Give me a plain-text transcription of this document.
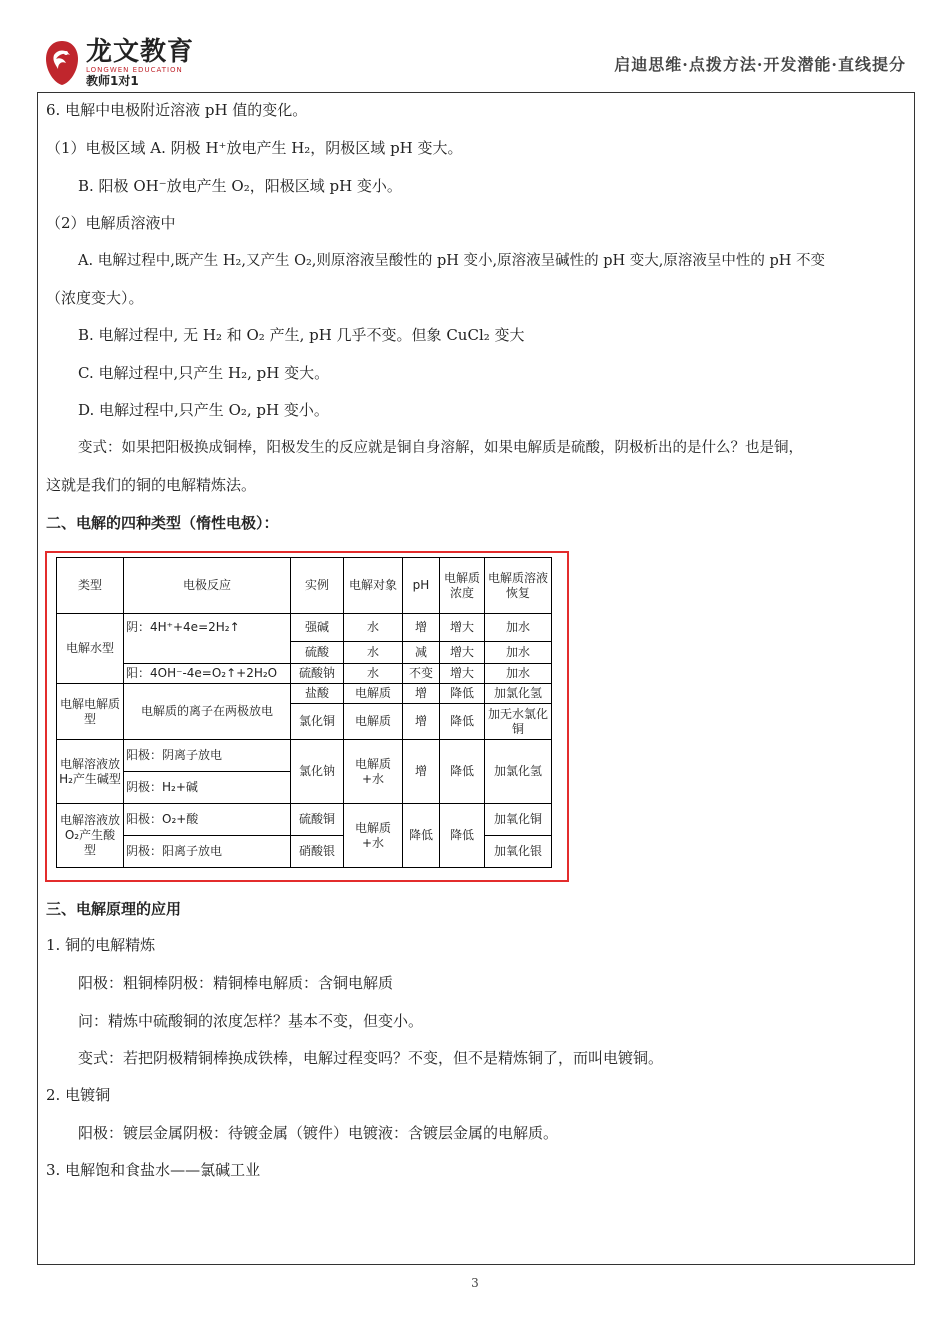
龙文教育
LONGWEN EDUCATION
教师1对1
启迪思维·点拨方法·开发潜能·直线提分
6. 电解中电极附近溶液 pH 值的变化。
（1）电极区域 A. 阴极 H⁺放电产生 H₂，阴极区域 pH 变大。
B. 阳极 OH⁻放电产生 O₂，阳极区域 pH 变小。
（2）电解质溶液中
A. 电解过程中,既产生 H₂,又产生 O₂,则原溶液呈酸性的 pH 变小,原溶液呈碱性的 pH 变大,原溶液呈中性的 pH 不变
（浓度变大）。
B. 电解过程中, 无 H₂ 和 O₂ 产生, pH 几乎不变。但象 CuCl₂ 变大
C. 电解过程中,只产生 H₂, pH 变大。
D. 电解过程中,只产生 O₂, pH 变小。
变式：如果把阳极换成铜棒，阳极发生的反应就是铜自身溶解，如果电解质是硫酸，阴极析出的是什么？也是铜，
这就是我们的铜的电解精炼法。
二、电解的四种类型（惰性电极）：
类型	电极反应	实例	电解对象	pH	电解质浓度	电解质溶液恢复
电解水型	阴：4H⁺+4e=2H₂↑	强碱	水	增	增大	加水
		硫酸	水	减	增大	加水
	阳：4OH⁻-4e=O₂↑+2H₂O	硫酸钠	水	不变	增大	加水
电解电解质型	电解质的离子在两极放电	盐酸	电解质	增	降低	加氯化氢
		氯化铜	电解质	增	降低	加无水氯化铜
电解溶液放H₂产生碱型	阳极：阴离子放电	氯化钠	电解质+水	增	降低	加氯化氢
	阴极：H₂+碱					
电解溶液放O₂产生酸型	阳极：O₂+酸	硫酸铜	电解质+水	降低	降低	加氧化铜
	阴极：阳离子放电	硝酸银				加氧化银
三、电解原理的应用
1. 铜的电解精炼
阳极：粗铜棒阴极：精铜棒电解质：含铜电解质
问：精炼中硫酸铜的浓度怎样？基本不变，但变小。
变式：若把阴极精铜棒换成铁棒，电解过程变吗？不变，但不是精炼铜了，而叫电镀铜。
2. 电镀铜
阳极：镀层金属阴极：待镀金属（镀件）电镀液：含镀层金属的电解质。
3. 电解饱和食盐水——氯碱工业
3
